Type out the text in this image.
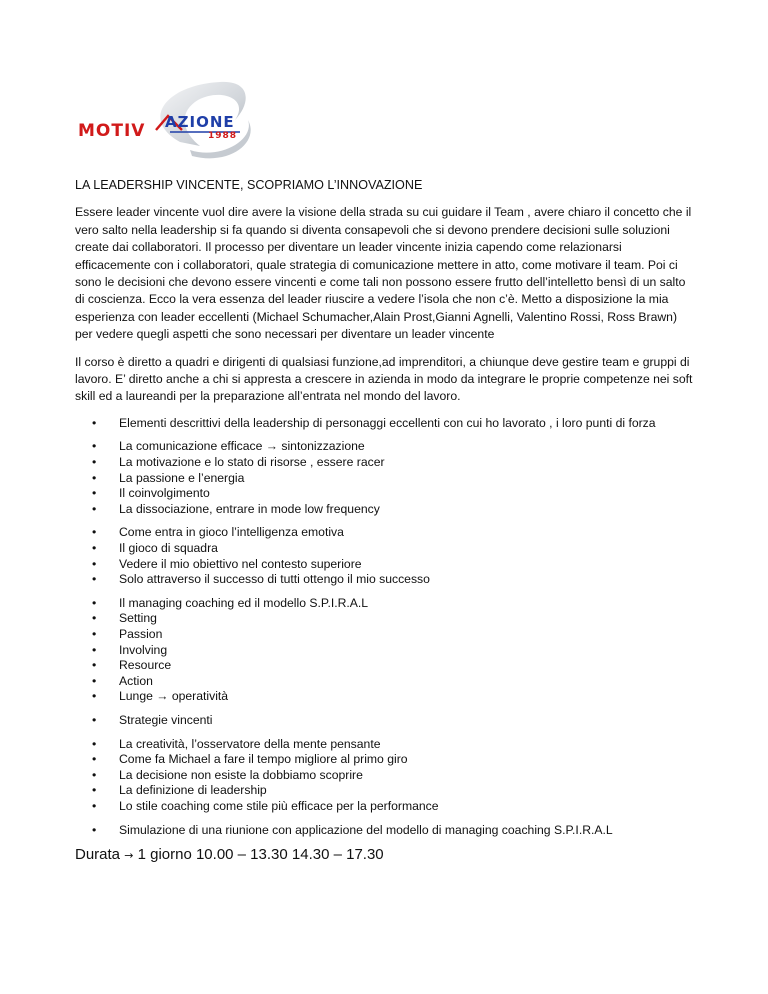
MOTIV AZIONE
1988
LA LEADERSHIP VINCENTE, SCOPRIAMO L’INNOVAZIONE

Essere leader vincente vuol dire avere la visione della strada su cui guidare il Team , avere chiaro il concetto che il vero salto nella leadership si fa quando si diventa consapevoli che si devono prendere decisioni sulle soluzioni create dai collaboratori. Il processo per diventare un leader vincente inizia capendo come relazionarsi efficacemente con i collaboratori, quale strategia di comunicazione mettere in atto, come motivare il team. Poi ci sono le decisioni che devono essere vincenti e come tali non possono essere frutto dell’intelletto bensì di un salto di coscienza. Ecco la vera essenza del leader riuscire a vedere l’isola che non c’è. Metto a disposizione la mia esperienza con leader eccellenti (Michael Schumacher,Alain Prost,Gianni Agnelli, Valentino Rossi, Ross Brawn) per vedere quegli aspetti che sono necessari per diventare un leader vincente

Il corso è diretto a quadri e dirigenti di qualsiasi funzione,ad imprenditori, a chiunque deve gestire team e gruppi di lavoro. E’ diretto anche a chi si appresta a crescere in azienda in modo da integrare le proprie competenze nei soft skill ed a laureandi per la preparazione all’entrata nel mondo del lavoro.

• Elementi descrittivi della leadership di personaggi eccellenti con cui ho lavorato , i loro punti di forza
• La comunicazione efficace → sintonizzazione
• La motivazione e lo stato di risorse , essere racer
• La passione e l’energia
• Il coinvolgimento
• La dissociazione, entrare in mode low frequency
• Come entra in gioco l’intelligenza emotiva
• Il gioco di squadra
• Vedere il mio obiettivo nel contesto superiore
• Solo attraverso il successo di tutti ottengo il mio successo
• Il managing coaching ed il modello S.P.I.R.A.L
• Setting
• Passion
• Involving
• Resource
• Action
• Lunge → operatività
• Strategie vincenti
• La creatività, l’osservatore della mente pensante
• Come fa Michael a fare il tempo migliore al primo giro
• La decisione non esiste la dobbiamo scoprire
• La definizione di leadership
• Lo stile coaching come stile più efficace per la performance
• Simulazione di una riunione con applicazione del modello di managing coaching S.P.I.R.A.L
Durata → 1 giorno 10.00 – 13.30 14.30 – 17.30
